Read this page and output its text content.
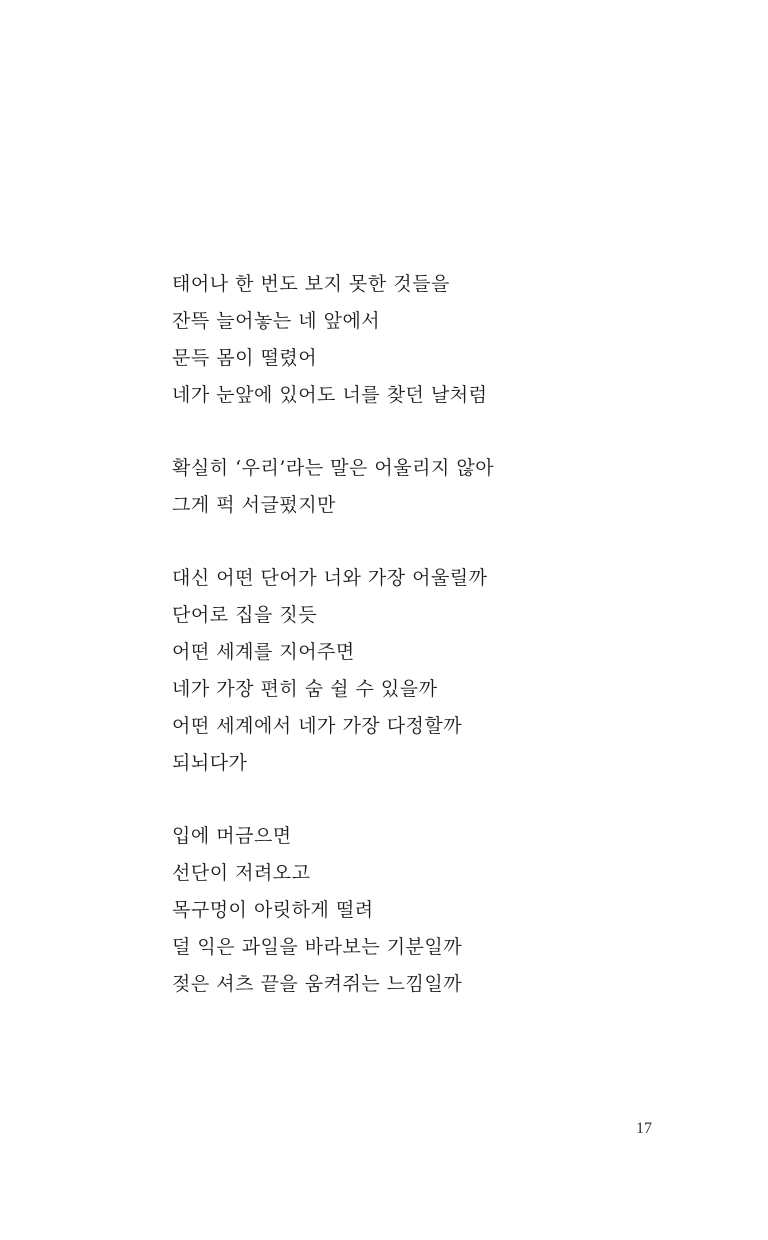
태어나 한 번도 보지 못한 것들을
잔뜩 늘어놓는 네 앞에서
문득 몸이 떨렸어
네가 눈앞에 있어도 너를 찾던 날처럼
확실히 ‘우리’라는 말은 어울리지 않아
그게 퍽 서글펐지만
대신 어떤 단어가 너와 가장 어울릴까
단어로 집을 짓듯
어떤 세계를 지어주면
네가 가장 편히 숨 쉴 수 있을까
어떤 세계에서 네가 가장 다정할까
되뇌다가
입에 머금으면
선단이 저려오고
목구멍이 아릿하게 떨려
덜 익은 과일을 바라보는 기분일까
젖은 셔츠 끝을 움켜쥐는 느낌일까
17
